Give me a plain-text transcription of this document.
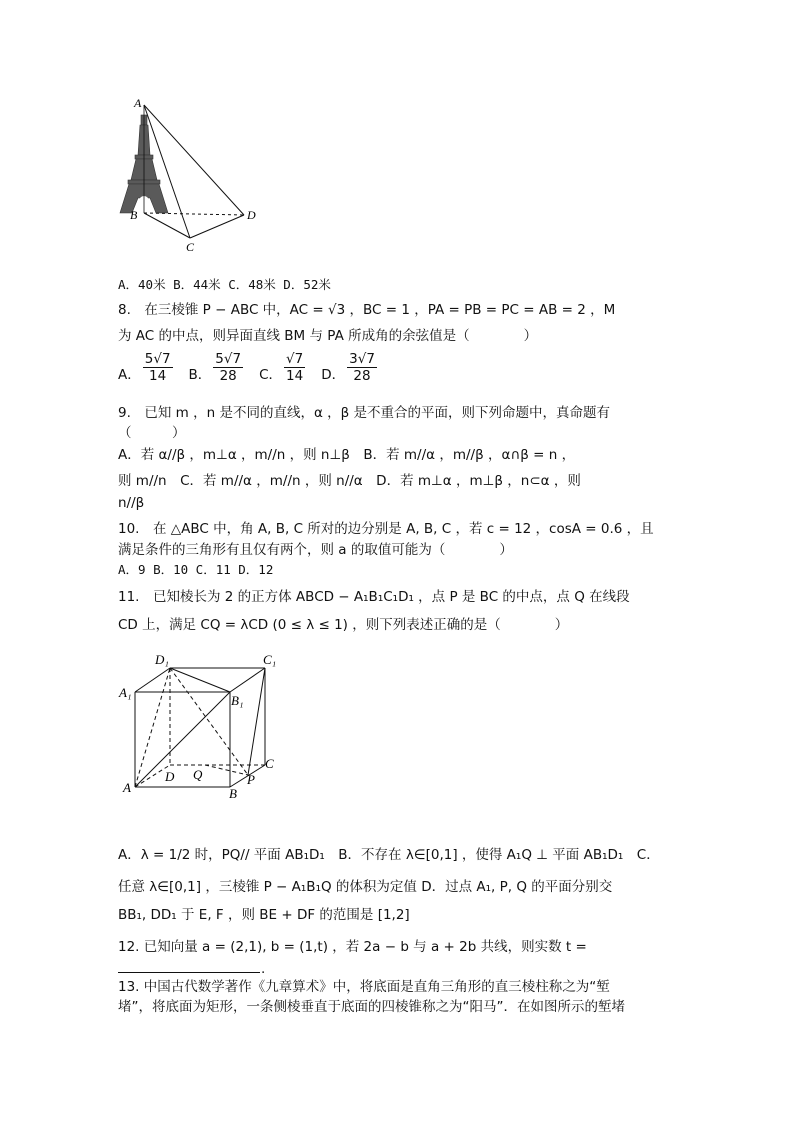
A
B
C
D
A．40米 B．44米 C．48米 D．52米
8.　在三棱锥 P − ABC 中，AC = √3 ，BC = 1 ，PA = PB = PC = AB = 2 ，M
为 AC 的中点，则异面直线 BM 与 PA 所成角的余弦值是（　　　　）
A． $\frac{5√7}{14}$ B． $\frac{5√7}{28}$ C． $\frac{√7}{14}$ D． $\frac{3√7}{28}$
9.　已知 m ，n 是不同的直线，α ，β 是不重合的平面，则下列命题中，真命题有
（　　　）
A．若 α//β ，m⊥α ，m//n ，则 n⊥β　B．若 m//α ，m//β ，α∩β = n ，
则 m//n　C．若 m//α ，m//n ，则 n//α　D．若 m⊥α ，m⊥β ，n⊂α ，则
n//β
10.　在 △ABC 中，角 A, B, C 所对的边分别是 A, B, C ，若 c = 12 ，cosA = 0.6 ，且
满足条件的三角形有且仅有两个，则 a 的取值可能为（　　　　）
A．9 B．10 C．11 D．12
11.　已知棱长为 2 的正方体 ABCD − A₁B₁C₁D₁ ，点 P 是 BC 的中点，点 Q 在线段
CD 上，满足 CQ = λCD (0 ≤ λ ≤ 1) ，则下列表述正确的是（　　　　）
D₁	C₁
A₁
B₁
D Q
C
P
A	B
A．λ = 1/2 时，PQ// 平面 AB₁D₁　B．不存在 λ∈[0,1] ，使得 A₁Q ⊥ 平面 AB₁D₁　C．
任意 λ∈[0,1] ，三棱锥 P − A₁B₁Q 的体积为定值 D．过点 A₁, P, Q 的平面分别交
BB₁, DD₁ 于 E, F ，则 BE + DF 的范围是 [1,2]
12. 已知向量 a = (2,1), b = (1,t) ，若 2a − b 与 a + 2b 共线，则实数 t =
.
13. 中国古代数学著作《九章算术》中，将底面是直角三角形的直三棱柱称之为“堑
堵”，将底面为矩形，一条侧棱垂直于底面的四棱锥称之为“阳马”．在如图所示的堑堵
